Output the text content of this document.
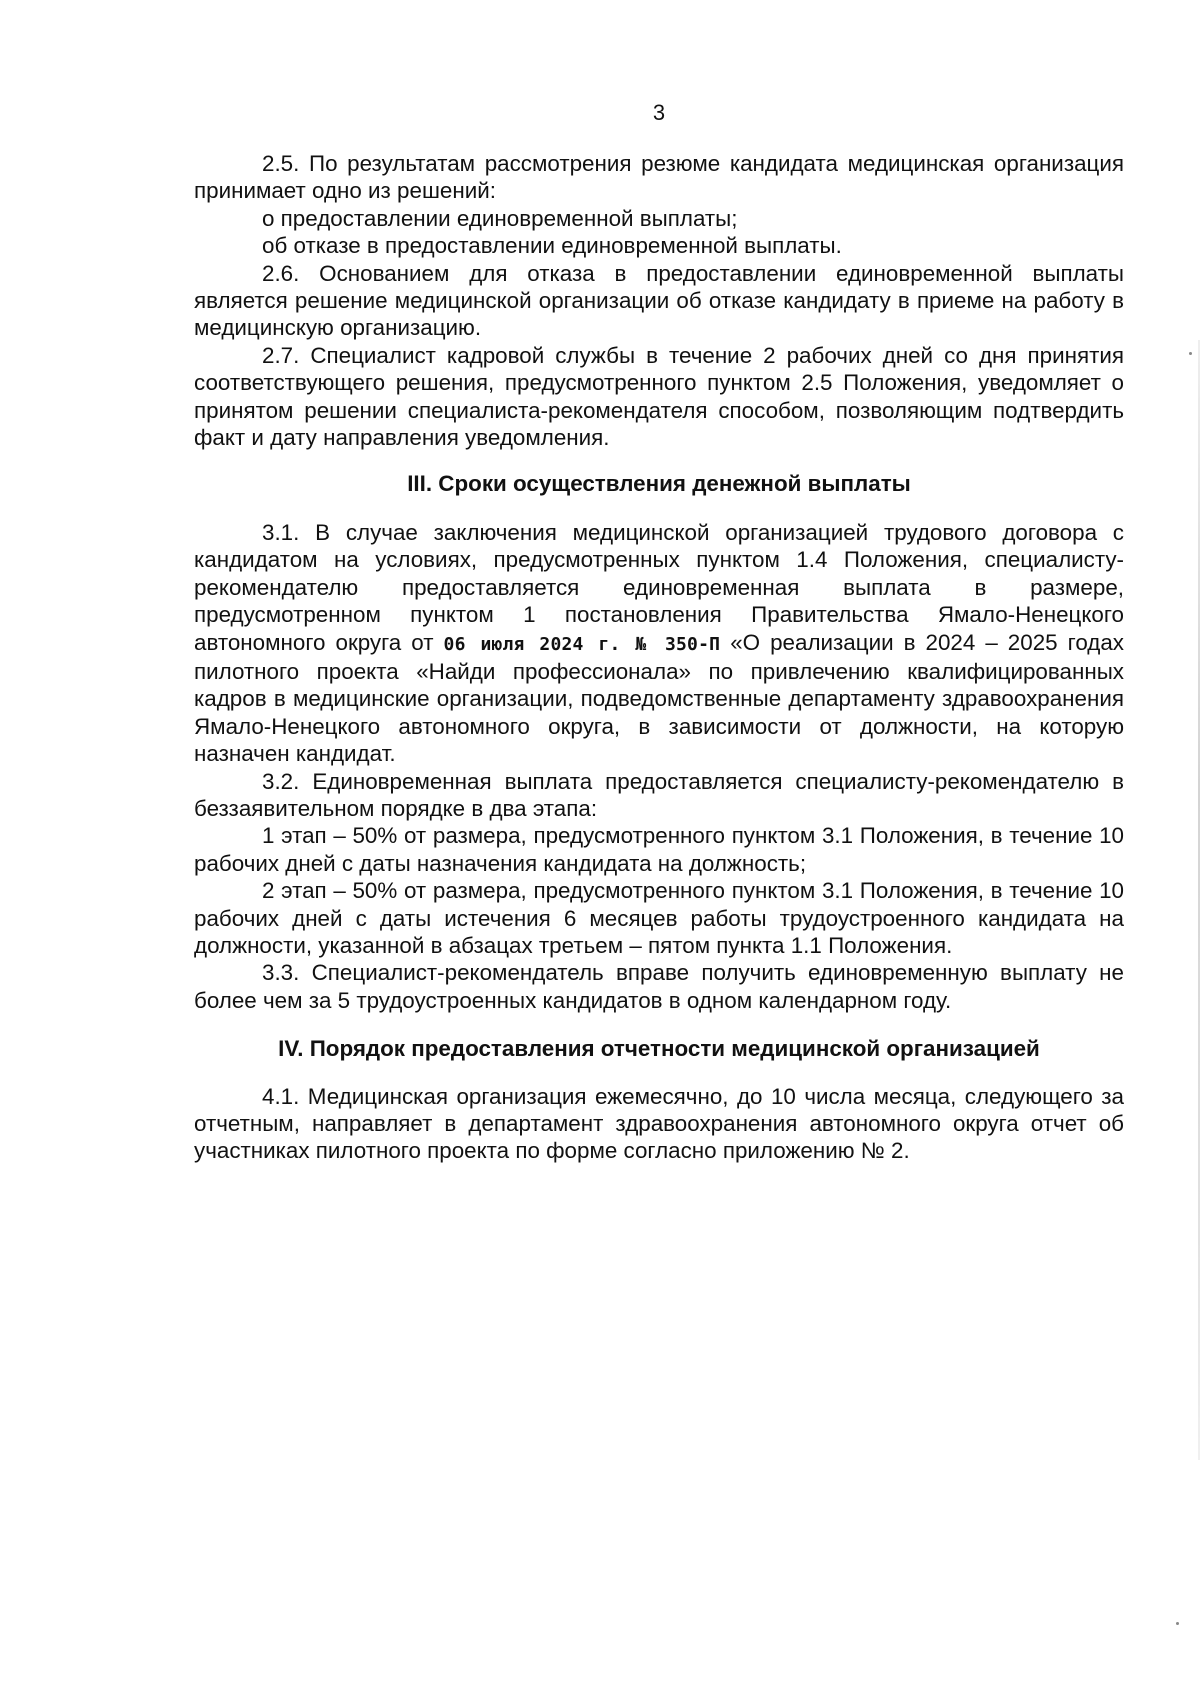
3

2.5. По результатам рассмотрения резюме кандидата медицинская организация принимает одно из решений:

о предоставлении единовременной выплаты;

об отказе в предоставлении единовременной выплаты.

2.6. Основанием для отказа в предоставлении единовременной выплаты является решение медицинской организации об отказе кандидату в приеме на работу в медицинскую организацию.

2.7. Специалист кадровой службы в течение 2 рабочих дней со дня принятия соответствующего решения, предусмотренного пунктом 2.5 Положения, уведомляет о принятом решении специалиста-рекомендателя способом, позволяющим подтвердить факт и дату направления уведомления.

III. Сроки осуществления денежной выплаты

3.1. В случае заключения медицинской организацией трудового договора с кандидатом на условиях, предусмотренных пунктом 1.4 Положения, специалисту-рекомендателю предоставляется единовременная выплата в размере, предусмотренном пунктом 1 постановления Правительства Ямало-Ненецкого автономного округа от 06 июля 2024 г. № 350-П «О реализации в 2024 – 2025 годах пилотного проекта «Найди профессионала» по привлечению квалифицированных кадров в медицинские организации, подведомственные департаменту здравоохранения Ямало-Ненецкого автономного округа, в зависимости от должности, на которую назначен кандидат.

3.2. Единовременная выплата предоставляется специалисту-рекомендателю в беззаявительном порядке в два этапа:

1 этап – 50% от размера, предусмотренного пунктом 3.1 Положения, в течение 10 рабочих дней с даты назначения кандидата на должность;

2 этап – 50% от размера, предусмотренного пунктом 3.1 Положения, в течение 10 рабочих дней с даты истечения 6 месяцев работы трудоустроенного кандидата на должности, указанной в абзацах третьем – пятом пункта 1.1 Положения.

3.3. Специалист-рекомендатель вправе получить единовременную выплату не более чем за 5 трудоустроенных кандидатов в одном календарном году.

IV. Порядок предоставления отчетности медицинской организацией

4.1. Медицинская организация ежемесячно, до 10 числа месяца, следующего за отчетным, направляет в департамент здравоохранения автономного округа отчет об участниках пилотного проекта по форме согласно приложению № 2.
